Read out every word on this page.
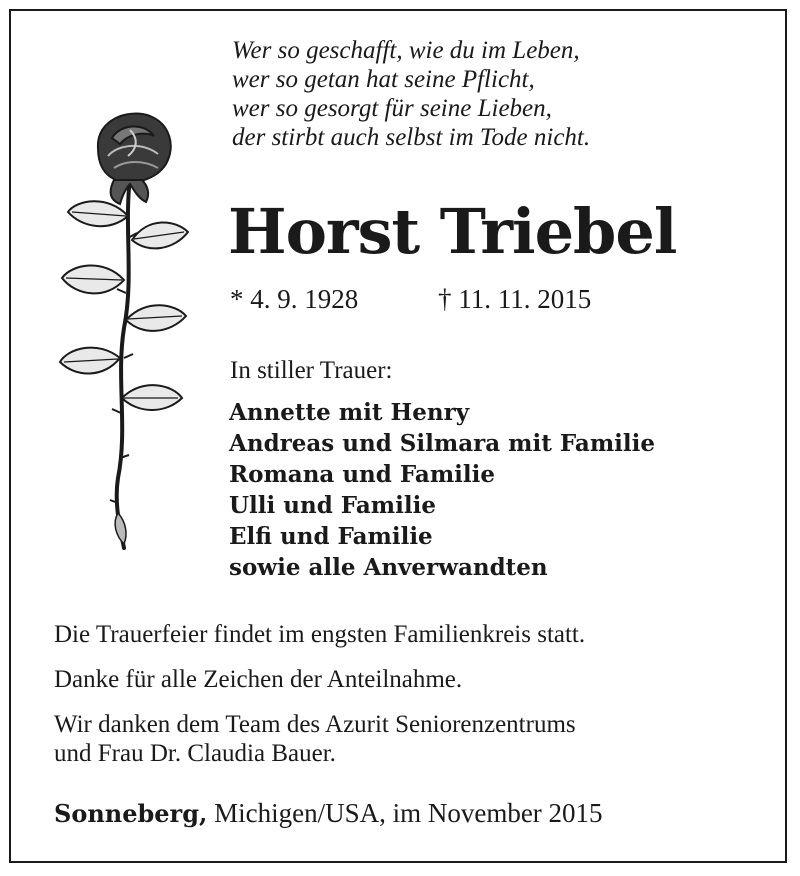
Wer so geschafft, wie du im Leben,
wer so getan hat seine Pflicht,
wer so gesorgt für seine Lieben,
der stirbt auch selbst im Tode nicht.
Horst Triebel
* 4. 9. 1928	† 11. 11. 2015
In stiller Trauer:
Annette mit Henry
Andreas und Silmara mit Familie
Romana und Familie
Ulli und Familie
Elfi und Familie
sowie alle Anverwandten
Die Trauerfeier findet im engsten Familienkreis statt.
Danke für alle Zeichen der Anteilnahme.
Wir danken dem Team des Azurit Seniorenzentrums
und Frau Dr. Claudia Bauer.
Sonneberg, Michigen/USA, im November 2015
